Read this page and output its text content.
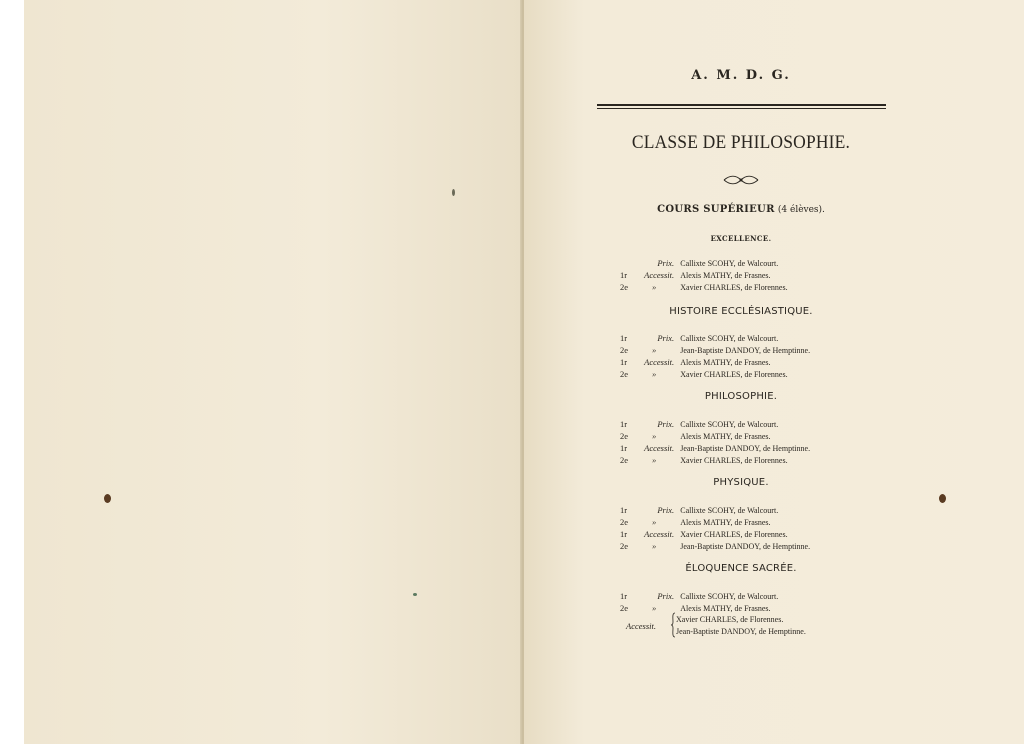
A. M. D. G.
CLASSE DE PHILOSOPHIE.
COURS SUPÉRIEUR (4 élèves).
EXCELLENCE.
Prix. Callixte SCOHY, de Walcourt.
1r Accessit. Alexis MATHY, de Frasnes.
2e	»	Xavier CHARLES, de Florennes.
HISTOIRE ECCLÉSIASTIQUE.
1r	Prix. Callixte SCOHY, de Walcourt.
2e	»	Jean-Baptiste DANDOY, de Hemptinne.
1r Accessit. Alexis MATHY, de Frasnes.
2e	»	Xavier CHARLES, de Florennes.
PHILOSOPHIE.
1r	Prix. Callixte SCOHY, de Walcourt.
2e	»	Alexis MATHY, de Frasnes.
1r Accessit. Jean-Baptiste DANDOY, de Hemptinne.
2e	»	Xavier CHARLES, de Florennes.
PHYSIQUE.
1r	Prix. Callixte SCOHY, de Walcourt.
2e	»	Alexis MATHY, de Frasnes.
1r Accessit. Xavier CHARLES, de Florennes.
2e	»	Jean-Baptiste DANDOY, de Hemptinne.
ÉLOQUENCE SACRÉE.
1r	Prix. Callixte SCOHY, de Walcourt.
2e	»	Alexis MATHY, de Frasnes.
Accessit.
Xavier CHARLES, de Florennes.
Jean-Baptiste DANDOY, de Hemptinne.
